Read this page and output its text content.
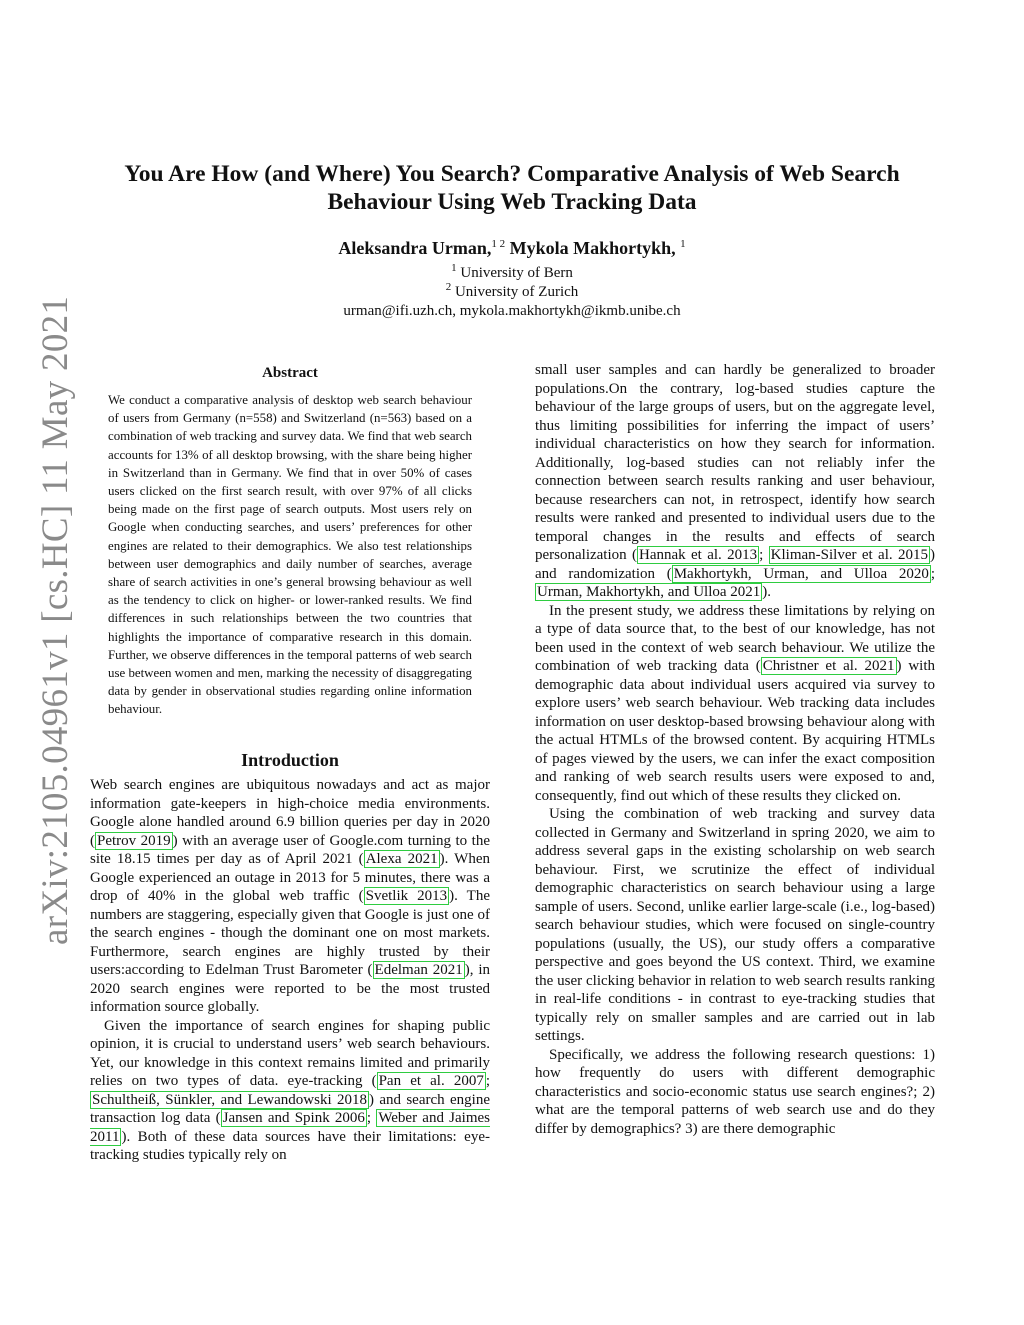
You Are How (and Where) You Search? Comparative Analysis of Web Search
Behaviour Using Web Tracking Data
Aleksandra Urman,$^{1 2}$ Mykola Makhortykh, $^1$
$^1$ University of Bern
$^2$ University of Zurich
urman@ifi.uzh.ch, mykola.makhortykh@ikmb.unibe.ch
arXiv:2105.04961v1 [cs.HC] 11 May 2021	Abstract

We conduct a comparative analysis of desktop web search behaviour of users from Germany (n=558) and Switzerland (n=563) based on a combination of web tracking and survey data. We find that web search accounts for 13% of all desktop browsing, with the share being higher in Switzerland than in Germany. We find that in over 50% of cases users clicked on the first search result, with over 97% of all clicks being made on the first page of search outputs. Most users rely on Google when conducting searches, and users’ preferences for other engines are related to their demographics. We also test relationships between user demographics and daily number of searches, average share of search activities in one’s general browsing behaviour as well as the tendency to click on higher- or lower-ranked results. We find differences in such relationships between the two countries that highlights the importance of comparative research in this domain. Further, we observe differences in the temporal patterns of web search use between women and men, marking the necessity of disaggregating data by gender in observational studies regarding online information behaviour.

Introduction

Web search engines are ubiquitous nowadays and act as major information gate-keepers in high-choice media environments. Google alone handled around 6.9 billion queries per day in 2020 ( Petrov 2019 ) with an average user of Google.com turning to the site 18.15 times per day as of April 2021 ( Alexa 2021 ). When Google experienced an outage in 2013 for 5 minutes, there was a drop of 40% in the global web traffic ( Svetlik 2013 ). The numbers are staggering, especially given that Google is just one of the search engines - though the dominant one on most markets. Furthermore, search engines are highly trusted by their users:according to Edelman Trust Barometer ( Edelman 2021 ), in 2020 search engines were reported to be the most trusted information source globally.

Given the importance of search engines for shaping public opinion, it is crucial to understand users’ web search behaviours. Yet, our knowledge in this context remains limited and primarily relies on two types of data. eye-tracking ( Pan et al. 2007 ; Schultheiß, Sünkler, and Lewandowski 2018 ) and search engine transaction log data ( Jansen and Spink 2006 ; Weber and Jaimes 2011 ). Both of these data sources have their limitations: eye-tracking studies typically rely on

small user samples and can hardly be generalized to broader populations.On the contrary, log-based studies capture the behaviour of the large groups of users, but on the aggregate level, thus limiting possibilities for inferring the impact of users’ individual characteristics on how they search for information. Additionally, log-based studies can not reliably infer the connection between search results ranking and user behaviour, because researchers can not, in retrospect, identify how search results were ranked and presented to individual users due to the temporal changes in the results and effects of search personalization ( Hannak et al. 2013 ; Kliman-Silver et al. 2015 ) and randomization ( Makhortykh, Urman, and Ulloa 2020 ; Urman, Makhortykh, and Ulloa 2021 ).

In the present study, we address these limitations by relying on a type of data source that, to the best of our knowledge, has not been used in the context of web search behaviour. We utilize the combination of web tracking data ( Christner et al. 2021 ) with demographic data about individual users acquired via survey to explore users’ web search behaviour. Web tracking data includes information on user desktop-based browsing behaviour along with the actual HTMLs of the browsed content. By acquiring HTMLs of pages viewed by the users, we can infer the exact composition and ranking of web search results users were exposed to and, consequently, find out which of these results they clicked on.

Using the combination of web tracking and survey data collected in Germany and Switzerland in spring 2020, we aim to address several gaps in the existing scholarship on web search behaviour. First, we scrutinize the effect of individual demographic characteristics on search behaviour using a large sample of users. Second, unlike earlier large-scale (i.e., log-based) search behaviour studies, which were focused on single-country populations (usually, the US), our study offers a comparative perspective and goes beyond the US context. Third, we examine the user clicking behavior in relation to web search results ranking in real-life conditions - in contrast to eye-tracking studies that typically rely on smaller samples and are carried out in lab settings.

Specifically, we address the following research questions: 1) how frequently do users with different demographic characteristics and socio-economic status use search engines?; 2) what are the temporal patterns of web search use and do they differ by demographics? 3) are there demographic
